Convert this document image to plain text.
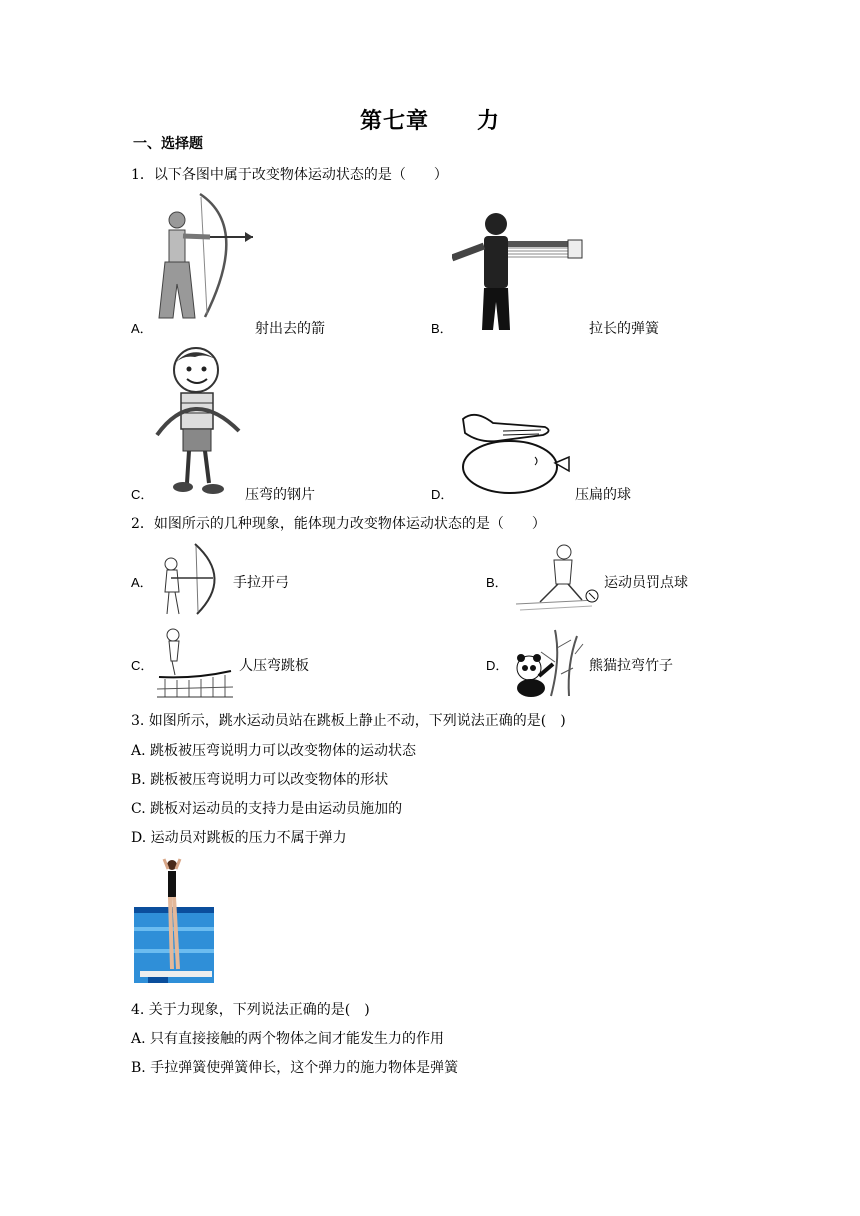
第七章 力
一、选择题
1．以下各图中属于改变物体运动状态的是（　　）
A．	射出去的箭	B．	拉长的弹簧
C．	压弯的钢片	D．	压扁的球
2．如图所示的几种现象，能体现力改变物体运动状态的是（　　）
A．	手拉开弓	B．	运动员罚点球
C．	人压弯跳板	D．	熊猫拉弯竹子
3. 如图所示，跳水运动员站在跳板上静止不动，下列说法正确的是(　)
A. 跳板被压弯说明力可以改变物体的运动状态
B. 跳板被压弯说明力可以改变物体的形状
C. 跳板对运动员的支持力是由运动员施加的
D. 运动员对跳板的压力不属于弹力
4. 关于力现象，下列说法正确的是(　)
A. 只有直接接触的两个物体之间才能发生力的作用
B. 手拉弹簧使弹簧伸长，这个弹力的施力物体是弹簧
